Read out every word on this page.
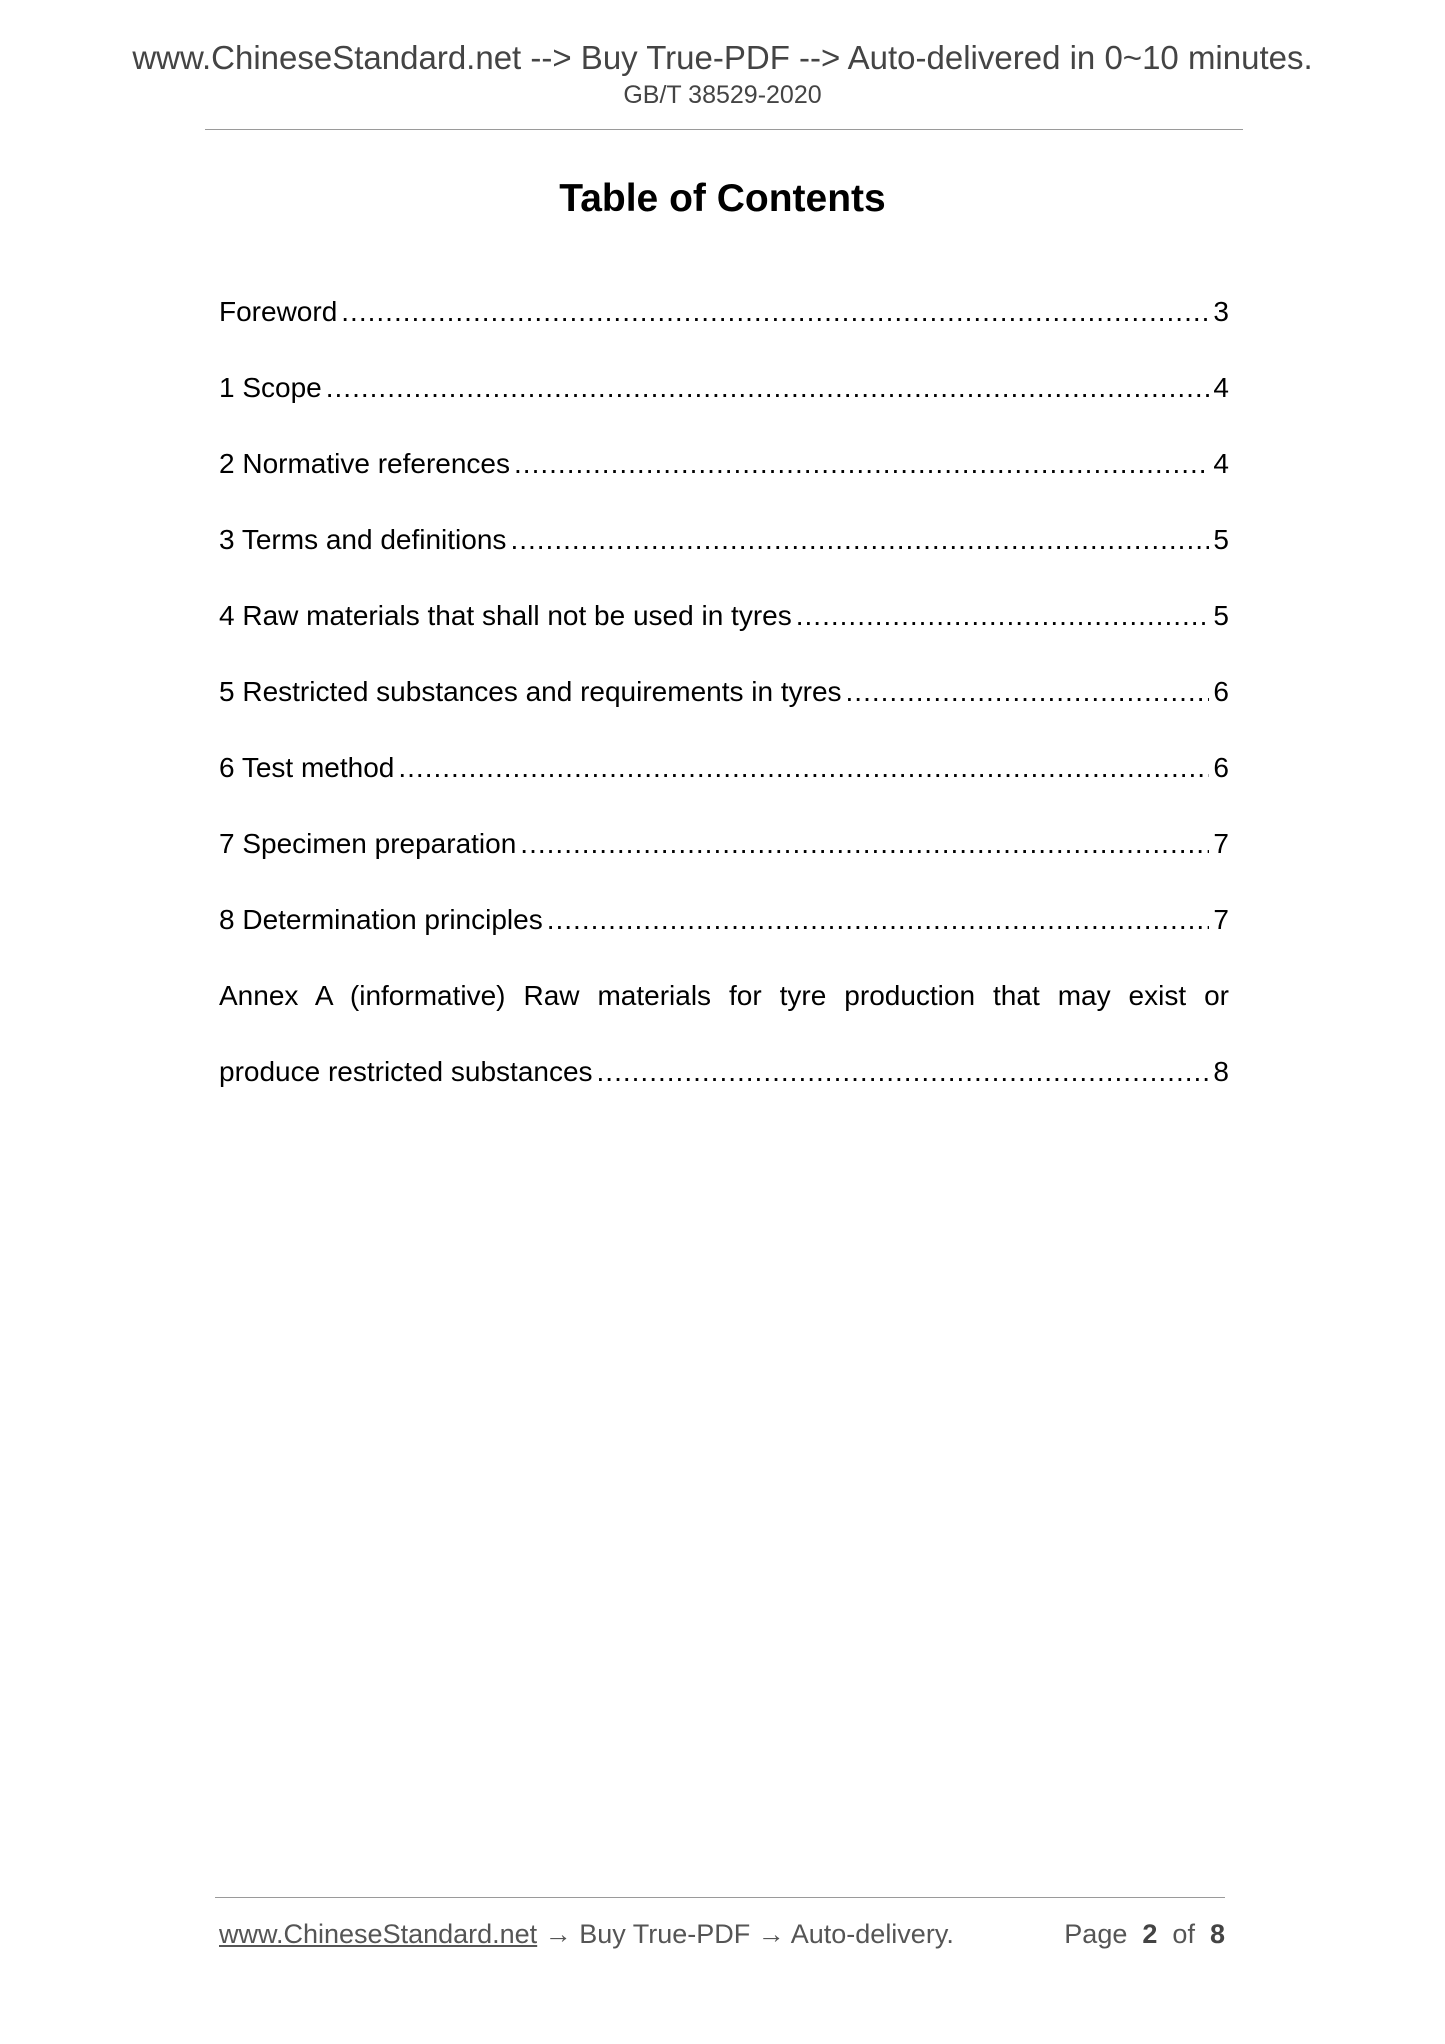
www.ChineseStandard.net --> Buy True-PDF --> Auto-delivered in 0~10 minutes.
GB/T 38529-2020
Table of Contents
Foreword .....	3
1 Scope .....	4
2 Normative references .....	4
3 Terms and definitions .....	5
4 Raw materials that shall not be used in tyres .....	5
5 Restricted substances and requirements in tyres .....	6
6 Test method .....	6
7 Specimen preparation .....	7
8 Determination principles .....	7
Annex A (informative) Raw materials for tyre production that may exist or
produce restricted substances .....	8
www.ChineseStandard.net → Buy True-PDF → Auto-delivery.	Page 2 of 8
